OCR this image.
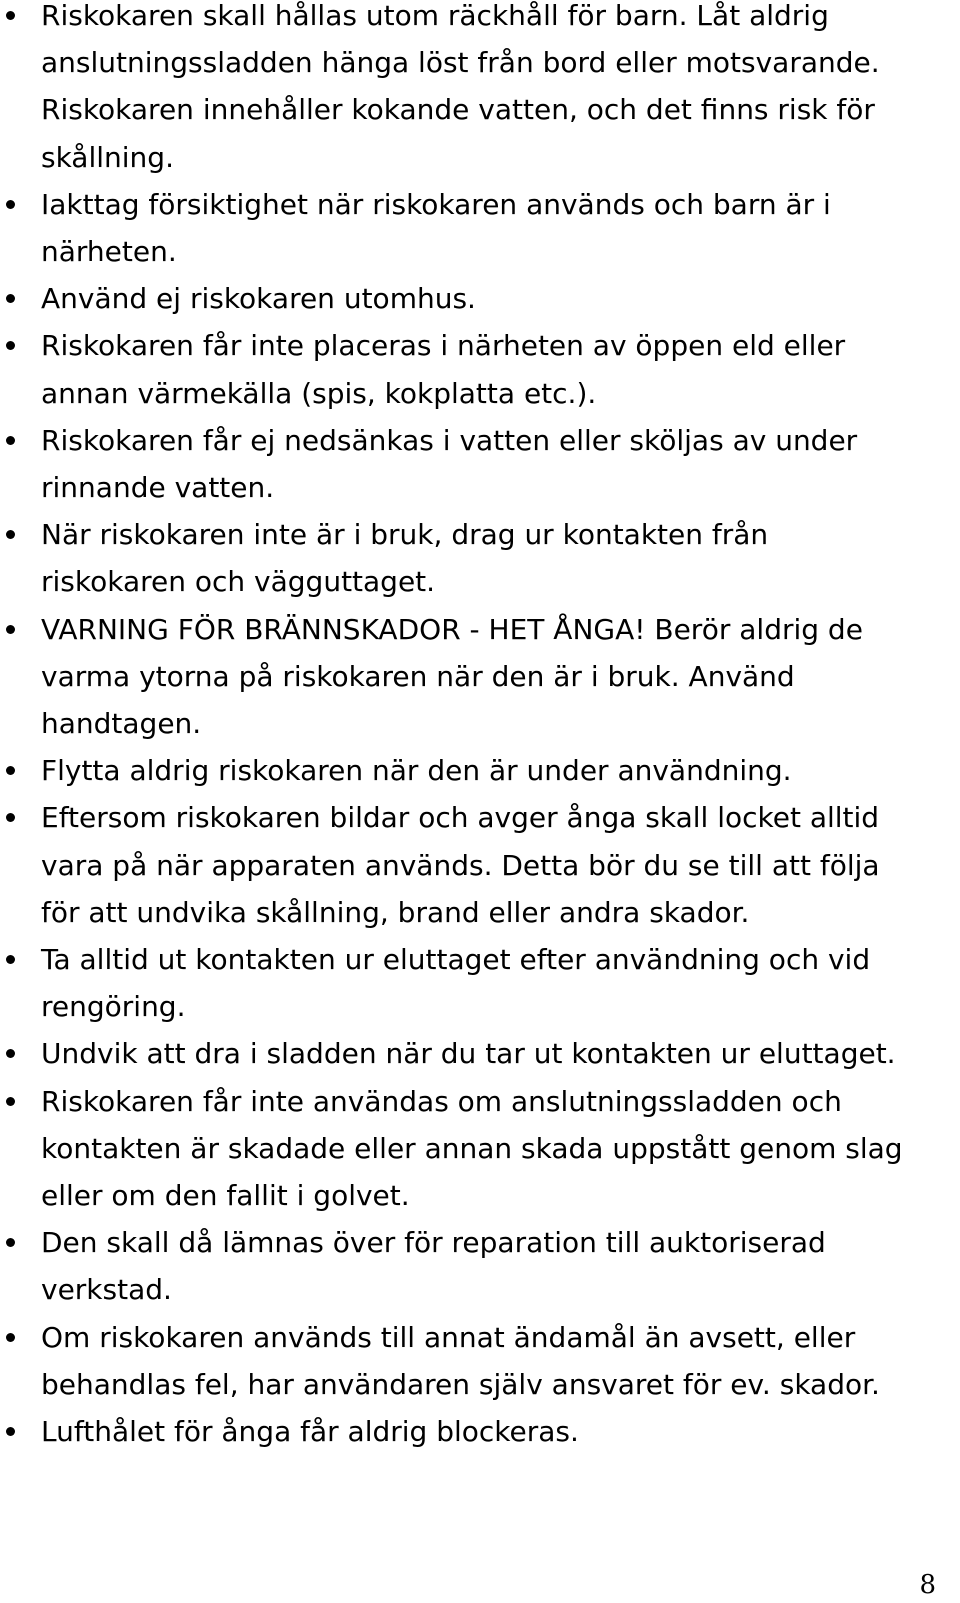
Riskokaren skall hållas utom räckhåll för barn. Låt aldrig
anslutningssladden hänga löst från bord eller motsvarande.
Riskokaren innehåller kokande vatten, och det finns risk för
skållning.
Iakttag försiktighet när riskokaren används och barn är i
närheten.
Använd ej riskokaren utomhus.
Riskokaren får inte placeras i närheten av öppen eld eller
annan värmekälla (spis, kokplatta etc.).
Riskokaren får ej nedsänkas i vatten eller sköljas av under
rinnande vatten.
När riskokaren inte är i bruk, drag ur kontakten från
riskokaren och vägguttaget.
VARNING FÖR BRÄNNSKADOR - HET ÅNGA! Berör aldrig de
varma ytorna på riskokaren när den är i bruk. Använd
handtagen.
Flytta aldrig riskokaren när den är under användning.
Eftersom riskokaren bildar och avger ånga skall locket alltid
vara på när apparaten används. Detta bör du se till att följa
för att undvika skållning, brand eller andra skador.
Ta alltid ut kontakten ur eluttaget efter användning och vid
rengöring.
Undvik att dra i sladden när du tar ut kontakten ur eluttaget.
Riskokaren får inte användas om anslutningssladden och
kontakten är skadade eller annan skada uppstått genom slag
eller om den fallit i golvet.
Den skall då lämnas över för reparation till auktoriserad
verkstad.
Om riskokaren används till annat ändamål än avsett, eller
behandlas fel, har användaren själv ansvaret för ev. skador.
Lufthålet för ånga får aldrig blockeras.
8
